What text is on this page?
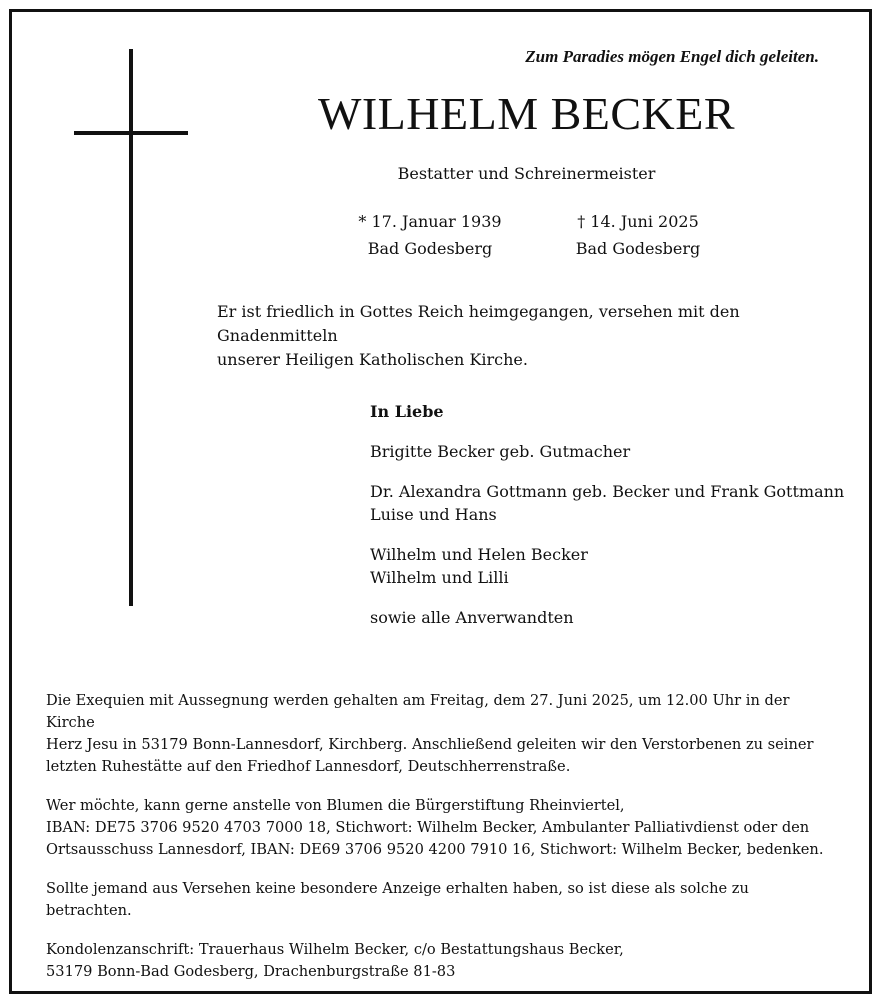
Zum Paradies mögen Engel dich geleiten.
WILHELM BECKER
Bestatter und Schreinermeister
* 17. Januar 1939
Bad Godesberg
† 14. Juni 2025
Bad Godesberg
Er ist friedlich in Gottes Reich heimgegangen, versehen mit den Gnadenmitteln
unserer Heiligen Katholischen Kirche.
In Liebe
Brigitte Becker geb. Gutmacher
Dr. Alexandra Gottmann geb. Becker und Frank Gottmann
Luise und Hans
Wilhelm und Helen Becker
Wilhelm und Lilli
sowie alle Anverwandten

Die Exequien mit Aussegnung werden gehalten am Freitag, dem 27. Juni 2025, um 12.00 Uhr in der Kirche
Herz Jesu in 53179 Bonn-Lannesdorf, Kirchberg. Anschließend geleiten wir den Verstorbenen zu seiner
letzten Ruhestätte auf den Friedhof Lannesdorf, Deutschherrenstraße.

Wer möchte, kann gerne anstelle von Blumen die Bürgerstiftung Rheinviertel,
IBAN: DE75 3706 9520 4703 7000 18, Stichwort: Wilhelm Becker, Ambulanter Palliativdienst oder den
Ortsausschuss Lannesdorf, IBAN: DE69 3706 9520 4200 7910 16, Stichwort: Wilhelm Becker, bedenken.

Sollte jemand aus Versehen keine besondere Anzeige erhalten haben, so ist diese als solche zu
betrachten.

Kondolenzanschrift: Trauerhaus Wilhelm Becker, c/o Bestattungshaus Becker,
53179 Bonn-Bad Godesberg, Drachenburgstraße 81-83
